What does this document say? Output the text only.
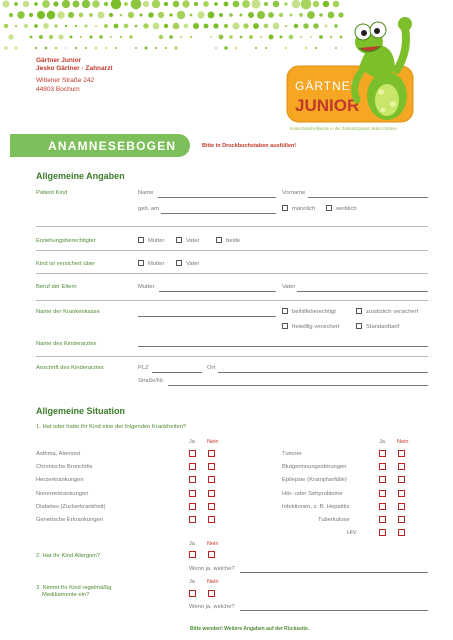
Gärtner Junior
Jesko Gärtner · Zahnarzt
Wittener Straße 242
44803 Bochum	GÄRTNER
JUNIOR
Kinderzahnheilkunde in der Zahnarztpraxis Jesko Gärtner
ANAMNESEBOGEN	Bitte in Druckbuchstaben ausfüllen!
Allgemeine Angaben
Patient Kind	Name	Vorname
geb. am	männlich	weiblich
Erziehungsberechtigter	Mutter	Vater	beide
Kind ist versichert über	Mutter	Vater
Beruf der Eltern	Mutter	Vater
Name der Krankenkasse	beihilfeberechtigt	zusätzlich versichert
freiwillig versichert	Standardtarif
Name des Kinderarztes
Anschrift des Kinderarztes	PLZ	Ort
Straße/Nr.
Allgemeine Situation
1. Hat oder hatte Ihr Kind eine der folgenden Krankheiten?
Ja Nein	Ja Nein
Asthma, Atemnot
Chronische Bronchitis
Herzerkrankungen
Nierenerkrankungen
Diabetes (Zuckerkrankheit)
Genetische Erkrankungen
Tumore
Blutgerinnungsstörungen
Epilepsie (Krampfanfälle)
Hör- oder Sehprobleme
Infektionen, z. B. Hepatitis
Tuberkulose
HIV
Ja Nein
2. Hat Ihr Kind Allergien?
Wenn ja, welche?
Ja Nein
3. Nimmt Ihr Kind regelmäßig
Medikamente ein?
Wenn ja, welche?
Bitte wenden! Weitere Angaben auf der Rückseite.
